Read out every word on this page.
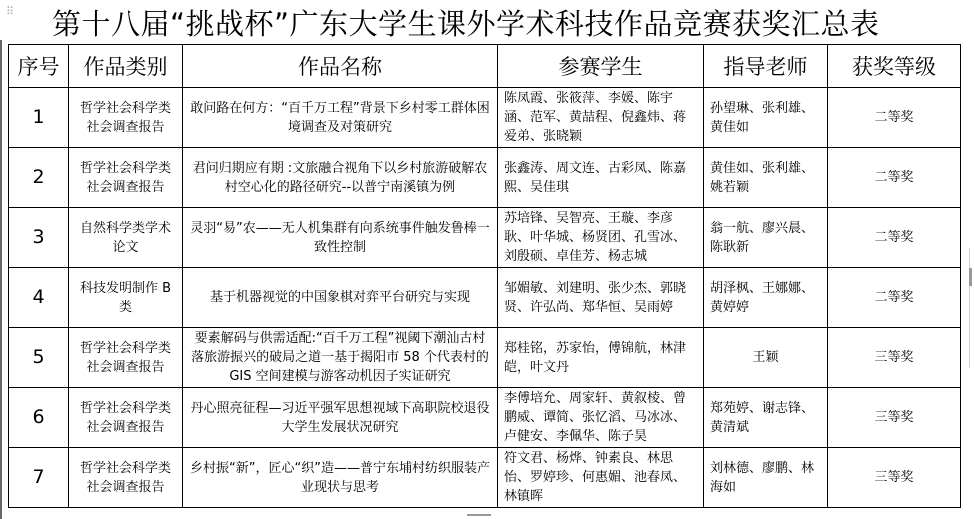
⠿ 第十八届“挑战杯”广东大学生课外学术科技作品竞赛获奖汇总表
序号	作品类别	作品名称	参赛学生	指导老师	获奖等级
1	哲学社会科学类社会调查报告	敢问路在何方：“百千万工程”背景下乡村零工群体困境调查及对策研究	陈凤霞、张筱萍、李媛、陈宇涵、范军、黄喆程、倪鑫炜、蒋爱弟、张晓颖	孙望琳、张利雄、黄佳如	二等奖
2	哲学社会科学类社会调查报告	君问归期应有期 :文旅融合视角下以乡村旅游破解农村空心化的路径研究--以普宁南溪镇为例	张鑫涛、周文连、古彩凤、陈嘉熙、吴佳琪	黄佳如、张利雄、姚若颖	二等奖
3	自然科学类学术论文	灵羽“易”农——无人机集群有向系统事件触发鲁棒一致性控制	苏培锋、吴智亮、王璇、李彦耿、叶华城、杨贤团、孔雪冰、刘殷硕、卓佳芳、杨志城	翁一航、廖兴晨、陈耿新	二等奖
4	科技发明制作 B 类	基于机器视觉的中国象棋对弈平台研究与实现	邹媚敏、刘建明、张少杰、郭晓贤、许弘尚、郑华恒、吴雨婷	胡泽枫、王娜娜、黄婷婷	二等奖
5	哲学社会科学类社会调查报告	要素解码与供需适配:“百千万工程”视阈下潮汕古村落旅游振兴的破局之道一基于揭阳市 58 个代表村的 GIS 空间建模与游客动机因子实证研究	郑桂铭，苏家怡，傅锦航，林津皑，叶文丹	王颖	三等奖
6	哲学社会科学类社会调查报告	丹心照亮征程—习近平强军思想视域下高职院校退役大学生发展状况研究	李傅培允、周家轩、黄叙棱、曾鹏威、谭简、张忆滔、马冰冰、卢健安、李佩华、陈子昊	郑苑婷、谢志锋、黄清斌	三等奖
7	哲学社会科学类社会调查报告	乡村振“新”，匠心“织”造——普宁东埔村纺织服装产业现状与思考	符文君、杨烨、钟素良、林思怡、罗婷珍、何惠媚、池春凤、林镇晖	刘林德、廖鹏、林海如	三等奖
